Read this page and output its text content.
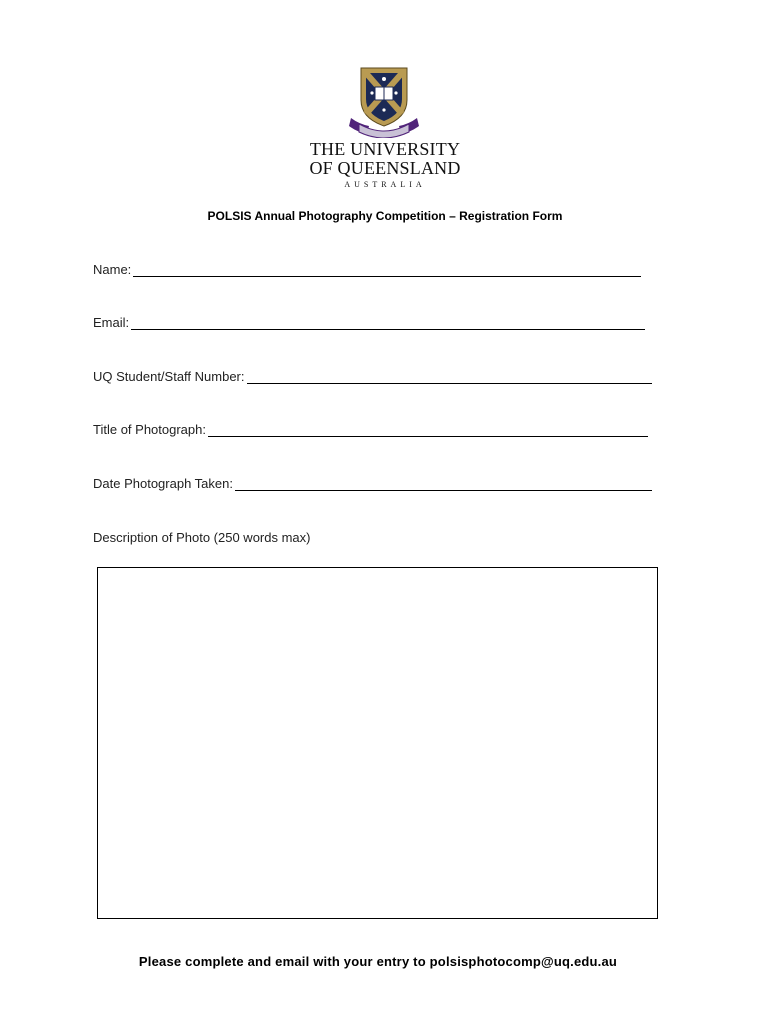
THE UNIVERSITY
OF QUEENSLAND
AUSTRALIA
POLSIS Annual Photography Competition – Registration Form
Name:
Email:
UQ Student/Staff Number:
Title of Photograph:
Date Photograph Taken:
Description of Photo (250 words max)
Please complete and email with your entry to polsisphotocomp@uq.edu.au
